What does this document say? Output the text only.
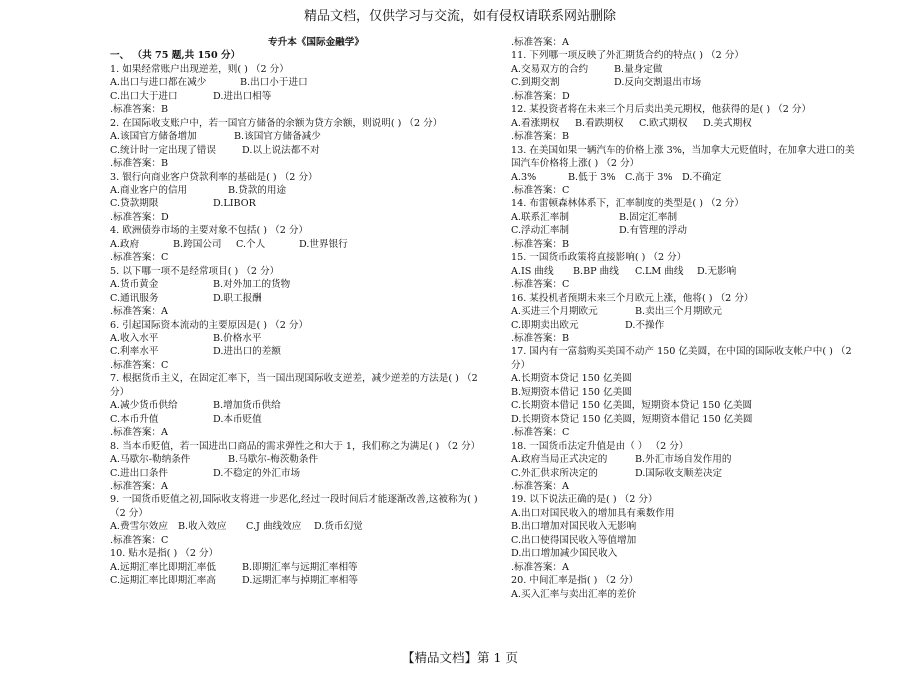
精品文档，仅供学习与交流，如有侵权请联系网站删除
专升本《国际金融学》
一、 （共 75 题,共 150 分）
1. 如果经常账户出现逆差，则( ) （2 分）
A.出口与进口都在减少	B.出口小于进口
C.出口大于进口	D.进出口相等
.标准答案：B
2. 在国际收支账户中，若一国官方储备的余额为贷方余额，则说明( ) （2 分）
A.该国官方储备增加	B.该国官方储备减少
C.统计时一定出现了错误	D.以上说法都不对
.标准答案：B
3. 银行向商业客户贷款利率的基础是( ) （2 分）
A.商业客户的信用	B.贷款的用途
C.贷款期限	D.LIBOR
.标准答案：D
4. 欧洲债券市场的主要对象不包括( ) （2 分）
A.政府	B.跨国公司 C.个人	D.世界银行
.标准答案：C
5. 以下哪一项不是经常项目( ) （2 分）
A.货币黄金	B.对外加工的货物
C.通讯服务	D.职工报酬
.标准答案：A
6. 引起国际资本流动的主要原因是( ) （2 分）
A.收入水平	B.价格水平
C.利率水平	D.进出口的差额
.标准答案：C
7. 根据货币主义，在固定汇率下，当一国出现国际收支逆差，减少逆差的方法是( ) （2 分）
A.减少货币供给	B.增加货币供给
C.本币升值	D.本币贬值
.标准答案：A
8. 当本币贬值，若一国进出口商品的需求弹性之和大于 1，我们称之为满足( ) （2 分）
A.马歇尔-勒纳条件	B.马歇尔-梅茨勒条件
C.进出口条件	D.不稳定的外汇市场
.标准答案：A
9. 一国货币贬值之初,国际收支将进一步恶化,经过一段时间后才能逐渐改善,这被称为( ) （2 分）
A.费雪尔效应 B.收入效应 C.J 曲线效应 D.货币幻觉
.标准答案：C
10. 贴水是指( ) （2 分）
A.远期汇率比即期汇率低	B.即期汇率与远期汇率相等
C.远期汇率比即期汇率高	D.远期汇率与掉期汇率相等
.标准答案：A
11. 下列哪一项反映了外汇期货合约的特点( ) （2 分）
A.交易双方的合约	B.量身定做
C.到期交割	D.反向交割退出市场
.标准答案：D
12. 某投资者将在未来三个月后卖出美元期权，他获得的是( ) （2 分）
A.看涨期权 B.看跌期权 C.欧式期权 D.美式期权
.标准答案：B
13. 在美国如果一辆汽车的价格上涨 3%，当加拿大元贬值时，在加拿大进口的美国汽车价格将上涨( ) （2 分）
A.3%	B.低于 3% C.高于 3% D.不确定
.标准答案：C
14. 布雷顿森林体系下，汇率制度的类型是( ) （2 分）
A.联系汇率制	B.固定汇率制
C.浮动汇率制	D.有管理的浮动
.标准答案：B
15. 一国货币政策将直接影响( ) （2 分）
A.IS 曲线 B.BP 曲线 C.LM 曲线 D.无影响
.标准答案：C
16. 某投机者预期未来三个月欧元上涨，他将( ) （2 分）
A.买进三个月期欧元	B.卖出三个月期欧元
C.即期卖出欧元	D.不操作
.标准答案：B
17. 国内有一富翁购买美国不动产 150 亿美圆，在中国的国际收支帐户中( ) （2 分）
A.长期资本贷记 150 亿美圆
B.短期资本借记 150 亿美圆
C.长期资本借记 150 亿美圆，短期资本贷记 150 亿美圆
D.长期资本贷记 150 亿美圆，短期资本借记 150 亿美圆
.标准答案：C
18. 一国货币法定升值是由（ ） （2 分）
A.政府当局正式决定的	B.外汇市场自发作用的
C.外汇供求所决定的	D.国际收支顺差决定
.标准答案：A
19. 以下说法正确的是( ) （2 分）
A.出口对国民收入的增加具有乘数作用
B.出口增加对国民收入无影响
C.出口使得国民收入等值增加
D.出口增加减少国民收入
.标准答案：A
20. 中间汇率是指( ) （2 分）
A.买入汇率与卖出汇率的差价
【精品文档】第 1 页
